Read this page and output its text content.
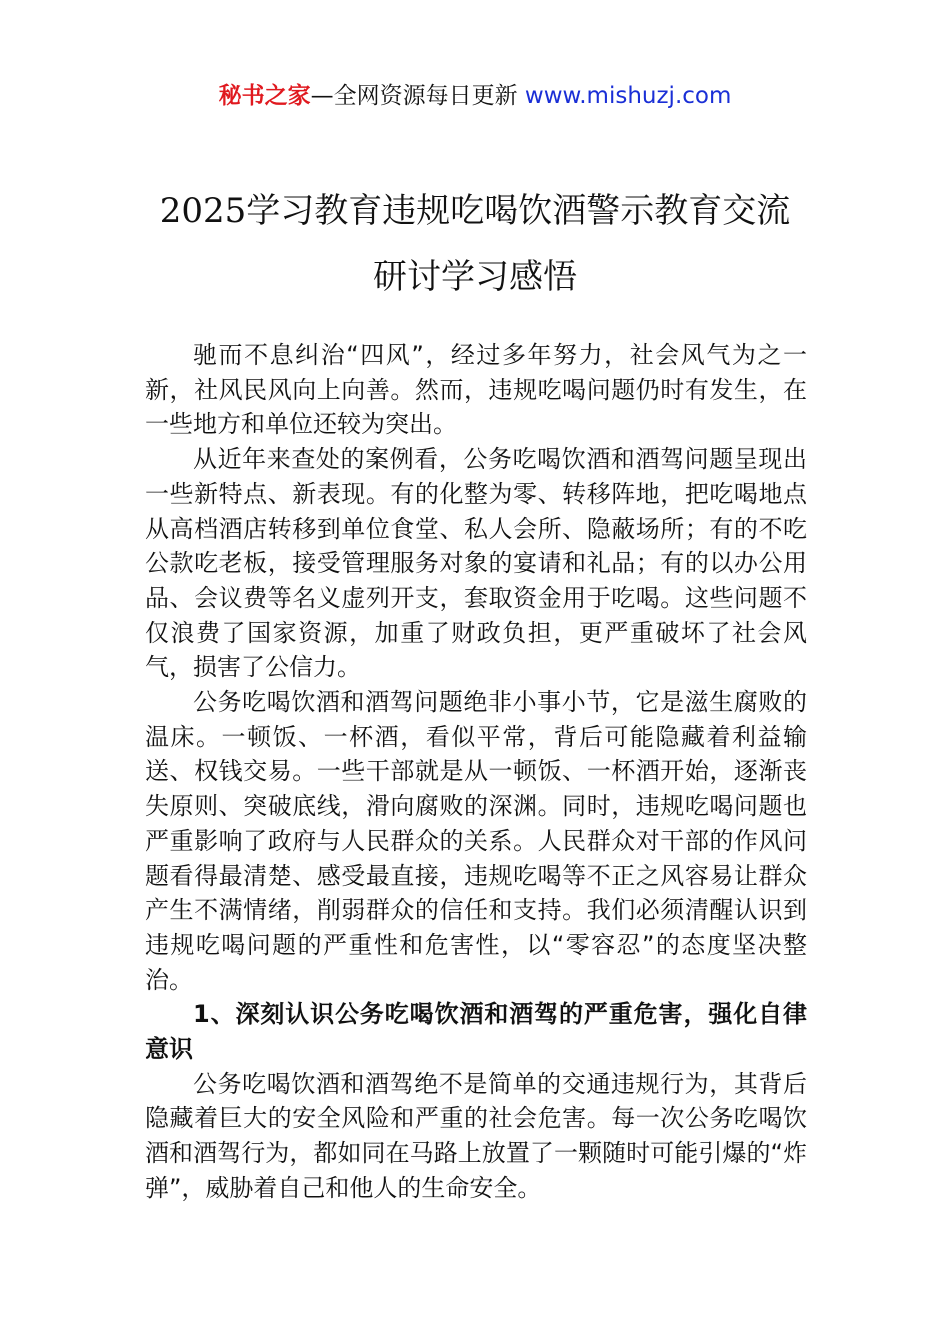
秘书之家—全网资源每日更新 www.mishuzj.com
2025学习教育违规吃喝饮酒警示教育交流
研讨学习感悟

驰而不息纠治“四风”，经过多年努力，社会风气为之一新，社风民风向上向善。然而，违规吃喝问题仍时有发生，在一些地方和单位还较为突出。

从近年来查处的案例看，公务吃喝饮酒和酒驾问题呈现出一些新特点、新表现。有的化整为零、转移阵地，把吃喝地点从高档酒店转移到单位食堂、私人会所、隐蔽场所；有的不吃公款吃老板，接受管理服务对象的宴请和礼品；有的以办公用品、会议费等名义虚列开支，套取资金用于吃喝。这些问题不仅浪费了国家资源，加重了财政负担，更严重破坏了社会风气，损害了公信力。

公务吃喝饮酒和酒驾问题绝非小事小节，它是滋生腐败的温床。一顿饭、一杯酒，看似平常，背后可能隐藏着利益输送、权钱交易。一些干部就是从一顿饭、一杯酒开始，逐渐丧失原则、突破底线，滑向腐败的深渊。同时，违规吃喝问题也严重影响了政府与人民群众的关系。人民群众对干部的作风问题看得最清楚、感受最直接，违规吃喝等不正之风容易让群众产生不满情绪，削弱群众的信任和支持。我们必须清醒认识到违规吃喝问题的严重性和危害性，以“零容忍”的态度坚决整治。

1、深刻认识公务吃喝饮酒和酒驾的严重危害，强化自律意识

公务吃喝饮酒和酒驾绝不是简单的交通违规行为，其背后隐藏着巨大的安全风险和严重的社会危害。每一次公务吃喝饮酒和酒驾行为，都如同在马路上放置了一颗随时可能引爆的“炸弹”，威胁着自己和他人的生命安全。
